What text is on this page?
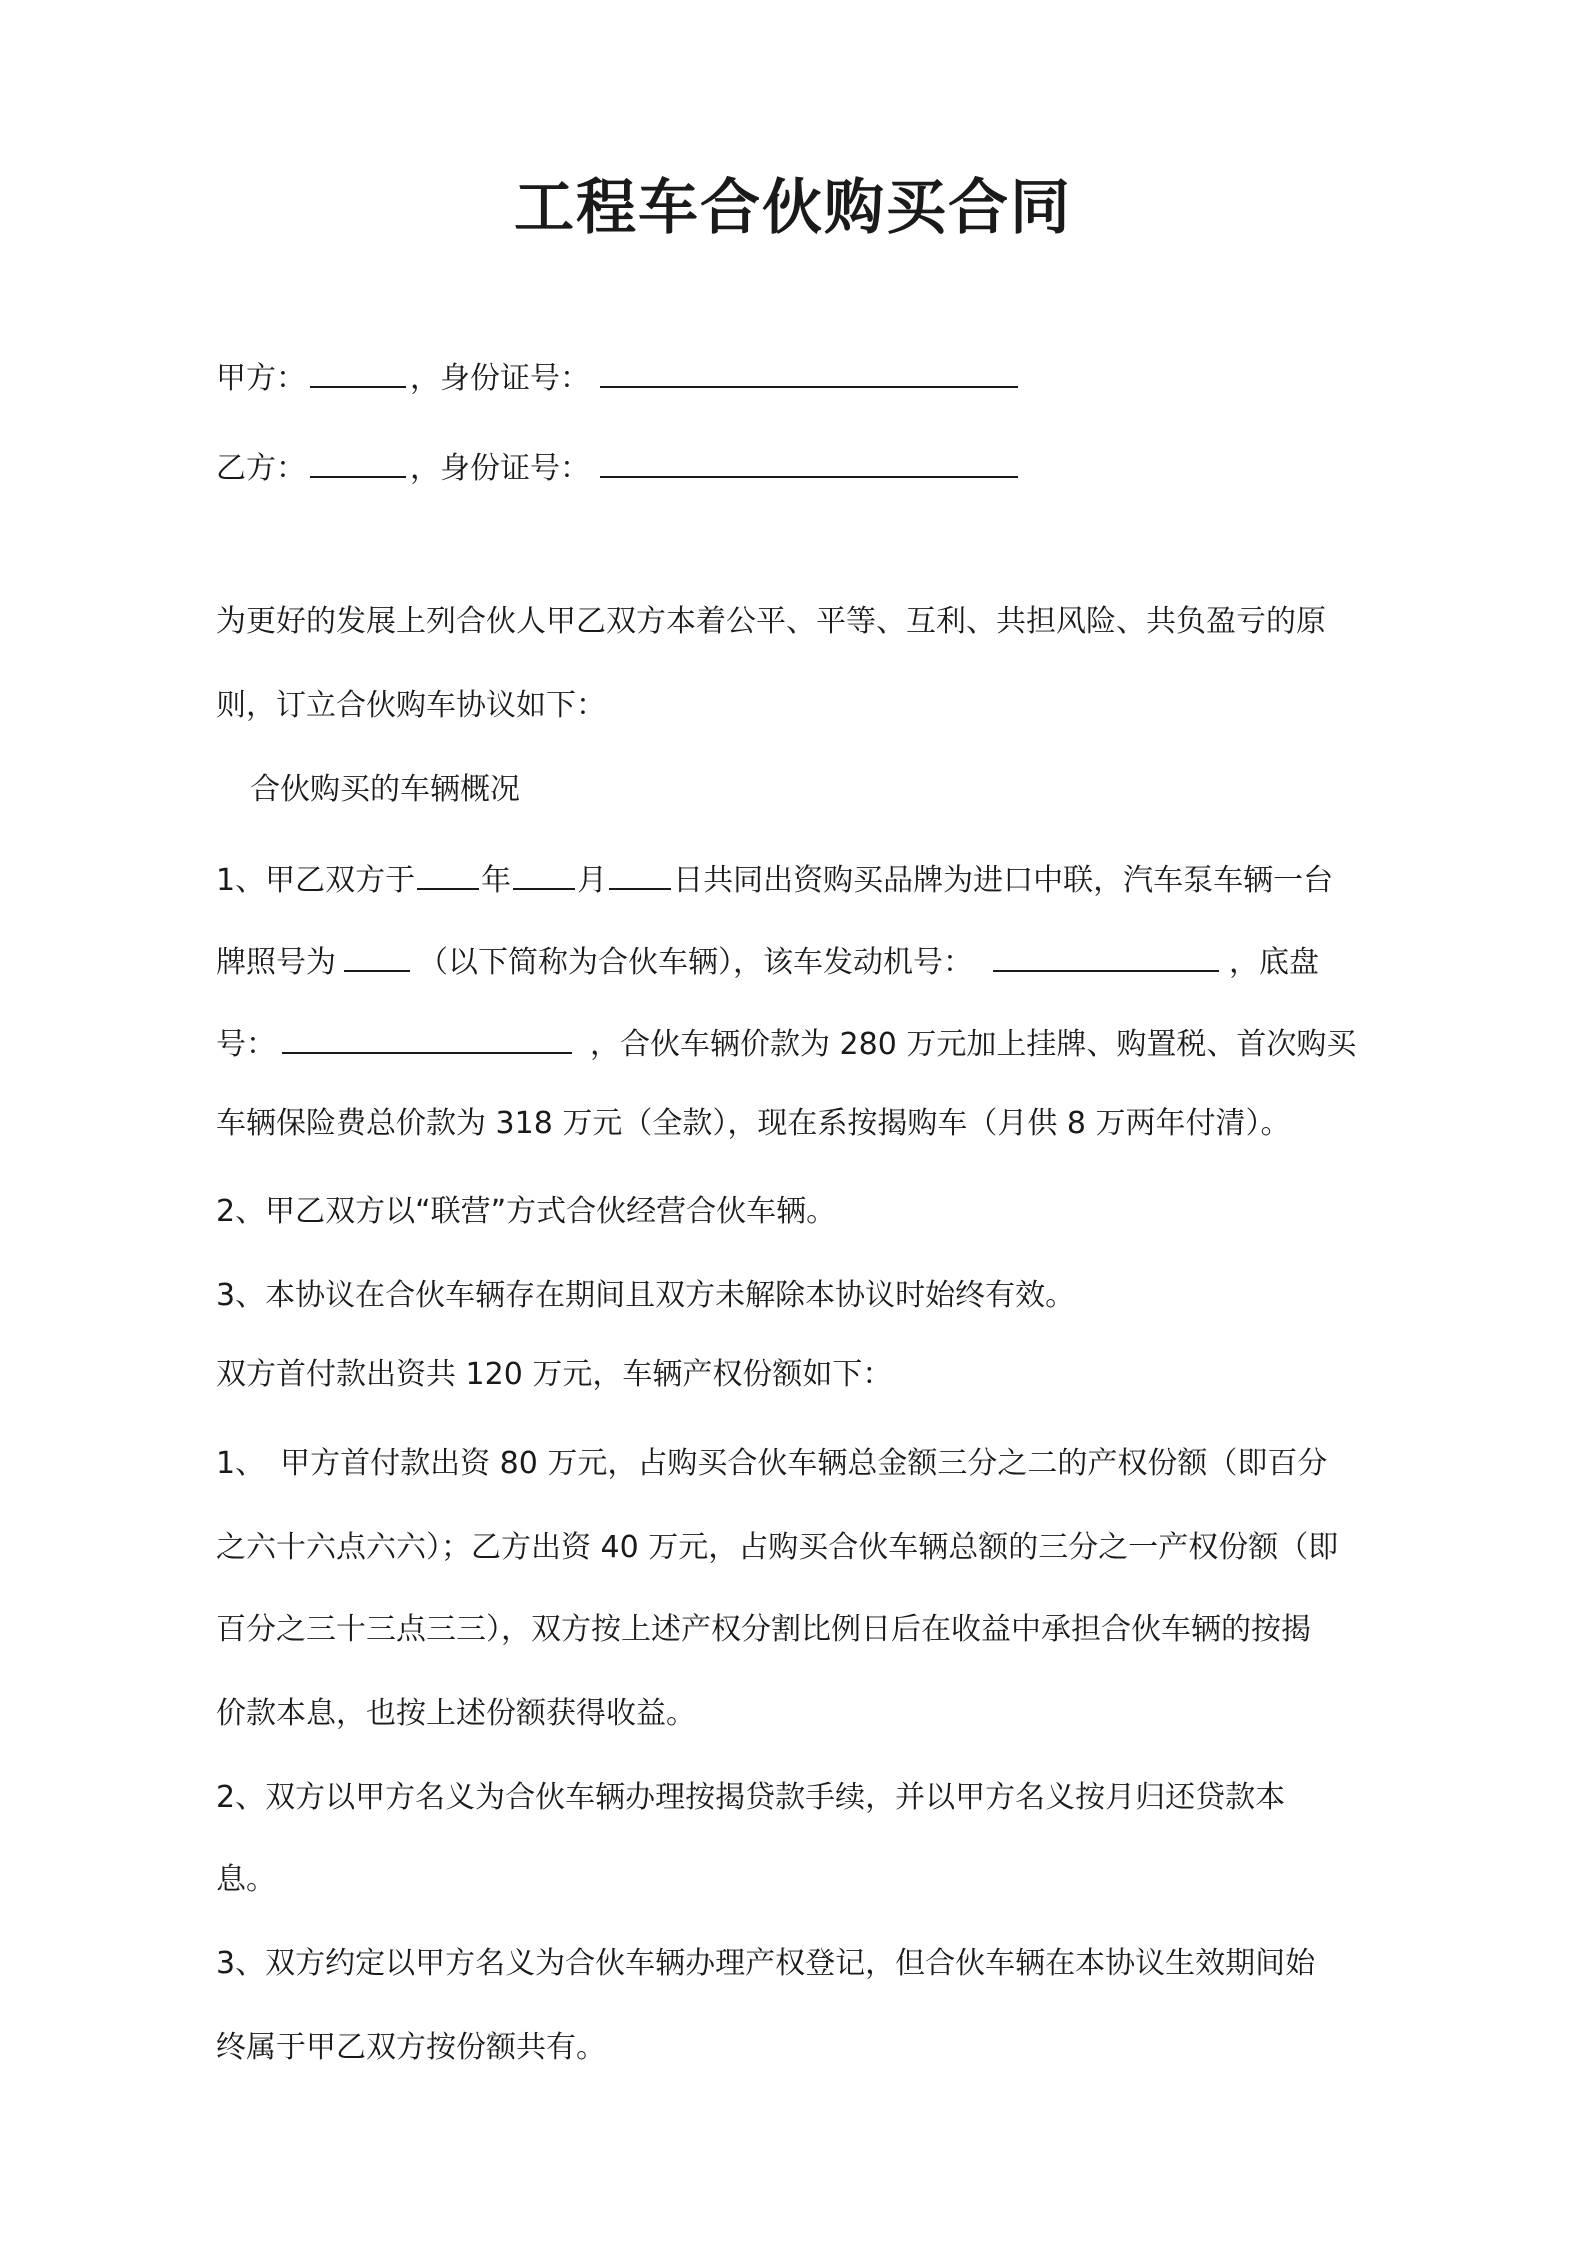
工程车合伙购买合同
甲方：	，身份证号：
乙方：	，身份证号：
为更好的发展上列合伙人甲乙双方本着公平、平等、互利、共担风险、共负盈亏的原
则，订立合伙购车协议如下：
合伙购买的车辆概况
1、甲乙双方于 年 月 日共同出资购买品牌为进口中联，汽车泵车辆一台
牌照号为	（以下简称为合伙车辆），该车发动机号：	，底盘
号：	，合伙车辆价款为 280 万元加上挂牌、购置税、首次购买
车辆保险费总价款为 318 万元（全款），现在系按揭购车（月供 8 万两年付清）。
2、甲乙双方以“联营”方式合伙经营合伙车辆。
3、本协议在合伙车辆存在期间且双方未解除本协议时始终有效。
双方首付款出资共 120 万元，车辆产权份额如下：
1、　甲方首付款出资 80 万元，占购买合伙车辆总金额三分之二的产权份额（即百分
之六十六点六六）；乙方出资 40 万元，占购买合伙车辆总额的三分之一产权份额（即
百分之三十三点三三），双方按上述产权分割比例日后在收益中承担合伙车辆的按揭
价款本息，也按上述份额获得收益。
2、双方以甲方名义为合伙车辆办理按揭贷款手续，并以甲方名义按月归还贷款本
息。
3、双方约定以甲方名义为合伙车辆办理产权登记，但合伙车辆在本协议生效期间始
终属于甲乙双方按份额共有。
